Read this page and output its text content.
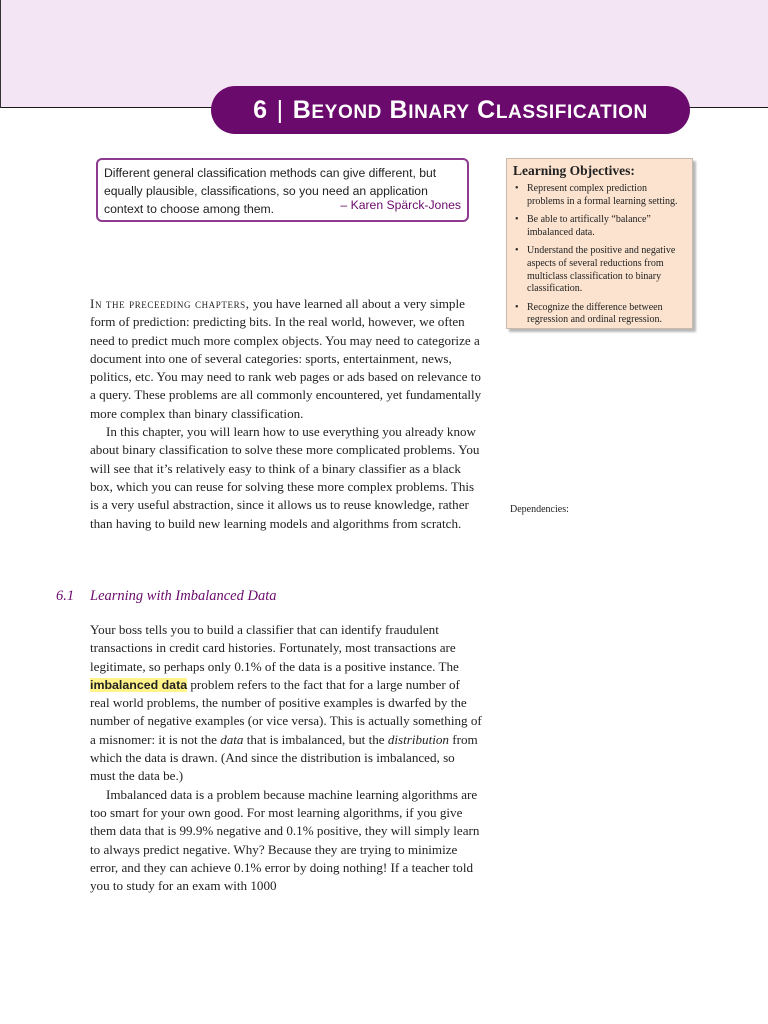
6 | BEYOND
BINARY
CLASSIFICATION
Different general classification methods can give different, but equally plausible, classifications, so you need an application context to choose among them.	– Karen Spärck-Jones
Learning Objectives:
• Represent complex prediction problems in a formal learning setting.
• Be able to artifically “balance” imbalanced data.
• Understand the positive and negative aspects of several reductions from multiclass classification to binary classification.
• Recognize the difference between regression and ordinal regression.
Dependencies:

In the preceeding chapters, you have learned all about a very simple form of prediction: predicting bits. In the real world, however, we often need to predict much more complex objects. You may need to categorize a document into one of several categories: sports, entertainment, news, politics, etc. You may need to rank web pages or ads based on relevance to a query. These problems are all commonly encountered, yet fundamentally more complex than binary classification.

In this chapter, you will learn how to use everything you already know about binary classification to solve these more complicated problems. You will see that it’s relatively easy to think of a binary classifier as a black box, which you can reuse for solving these more complex problems. This is a very useful abstraction, since it allows us to reuse knowledge, rather than having to build new learning models and algorithms from scratch.

6.1 Learning with Imbalanced Data

Your boss tells you to build a classifier that can identify fraudulent transactions in credit card histories. Fortunately, most transactions are legitimate, so perhaps only 0.1% of the data is a positive instance. The imbalanced data problem refers to the fact that for a large number of real world problems, the number of positive examples is dwarfed by the number of negative examples (or vice versa). This is actually something of a misnomer: it is not the data that is imbalanced, but the distribution from which the data is drawn. (And since the distribution is imbalanced, so must the data be.)

Imbalanced data is a problem because machine learning algorithms are too smart for your own good. For most learning algorithms, if you give them data that is 99.9% negative and 0.1% positive, they will simply learn to always predict negative. Why? Because they are trying to minimize error, and they can achieve 0.1% error by doing nothing! If a teacher told you to study for an exam with 1000
